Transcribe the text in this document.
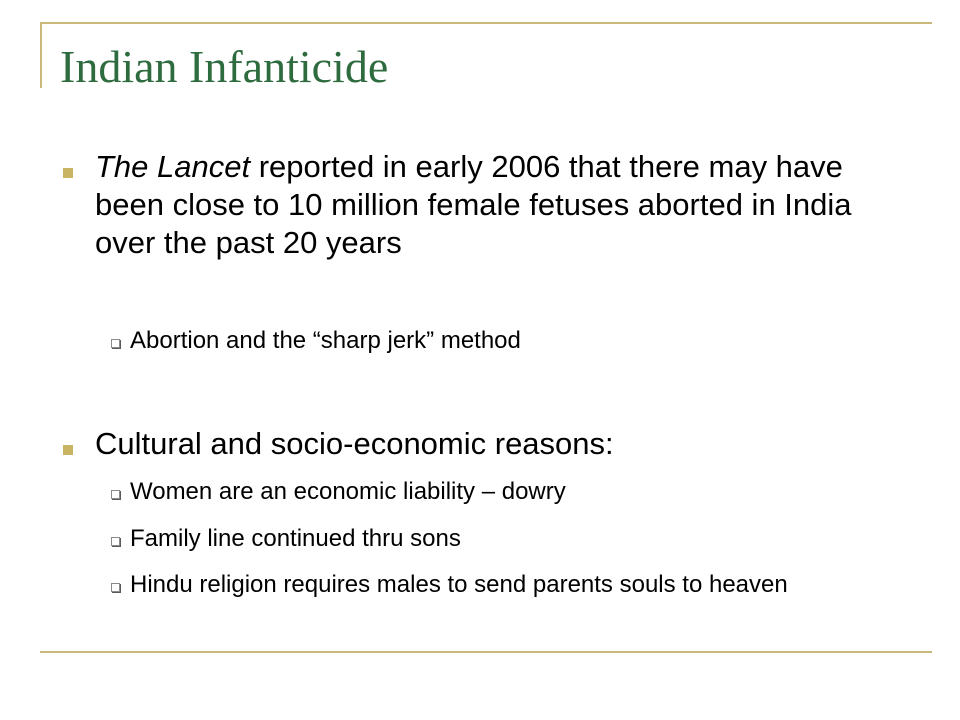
Indian Infanticide

The Lancet reported in early 2006 that there may have been close to 10 million female fetuses aborted in India over the past 20 years

Abortion and the “sharp jerk” method

Cultural and socio-economic reasons:

Women are an economic liability – dowry

Family line continued thru sons

Hindu religion requires males to send parents souls to heaven
